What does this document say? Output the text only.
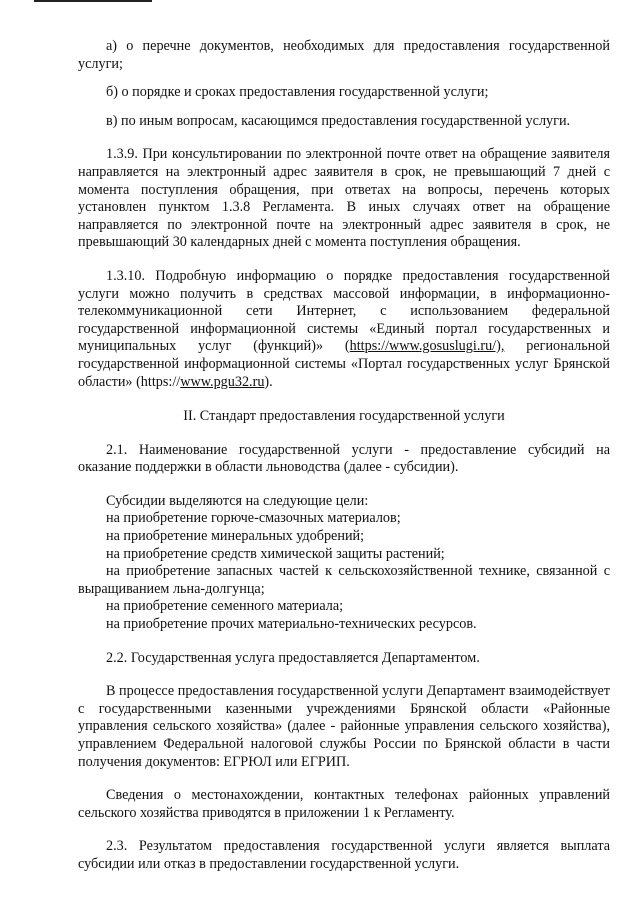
а) о перечне документов, необходимых для предоставления государственной услуги;

б) о порядке и сроках предоставления государственной услуги;

в) по иным вопросам, касающимся предоставления государственной услуги.

1.3.9. При консультировании по электронной почте ответ на обращение заявителя направляется на электронный адрес заявителя в срок, не превышающий 7 дней с момента поступления обращения, при ответах на вопросы, перечень которых установлен пунктом 1.3.8 Регламента. В иных случаях ответ на обращение направляется по электронной почте на электронный адрес заявителя в срок, не превышающий 30 календарных дней с момента поступления обращения.

1.3.10. Подробную информацию о порядке предоставления государственной услуги можно получить в средствах массовой информации, в информационно-телекоммуникационной сети Интернет, с использованием федеральной государственной информационной системы «Единый портал государственных и муниципальных услуг (функций)» (https://www.gosuslugi.ru/), региональной государственной информационной системы «Портал государственных услуг Брянской области» (https://www.pgu32.ru).

II. Стандарт предоставления государственной услуги

2.1. Наименование государственной услуги - предоставление субсидий на оказание поддержки в области льноводства (далее - субсидии).

Субсидии выделяются на следующие цели:

на приобретение горюче-смазочных материалов;

на приобретение минеральных удобрений;

на приобретение средств химической защиты растений;

на приобретение запасных частей к сельскохозяйственной технике, связанной с выращиванием льна-долгунца;

на приобретение семенного материала;

на приобретение прочих материально-технических ресурсов.

2.2. Государственная услуга предоставляется Департаментом.

В процессе предоставления государственной услуги Департамент взаимодействует с государственными казенными учреждениями Брянской области «Районные управления сельского хозяйства» (далее - районные управления сельского хозяйства), управлением Федеральной налоговой службы России по Брянской области в части получения документов: ЕГРЮЛ или ЕГРИП.

Сведения о местонахождении, контактных телефонах районных управлений сельского хозяйства приводятся в приложении 1 к Регламенту.

2.3. Результатом предоставления государственной услуги является выплата субсидии или отказ в предоставлении государственной услуги.
